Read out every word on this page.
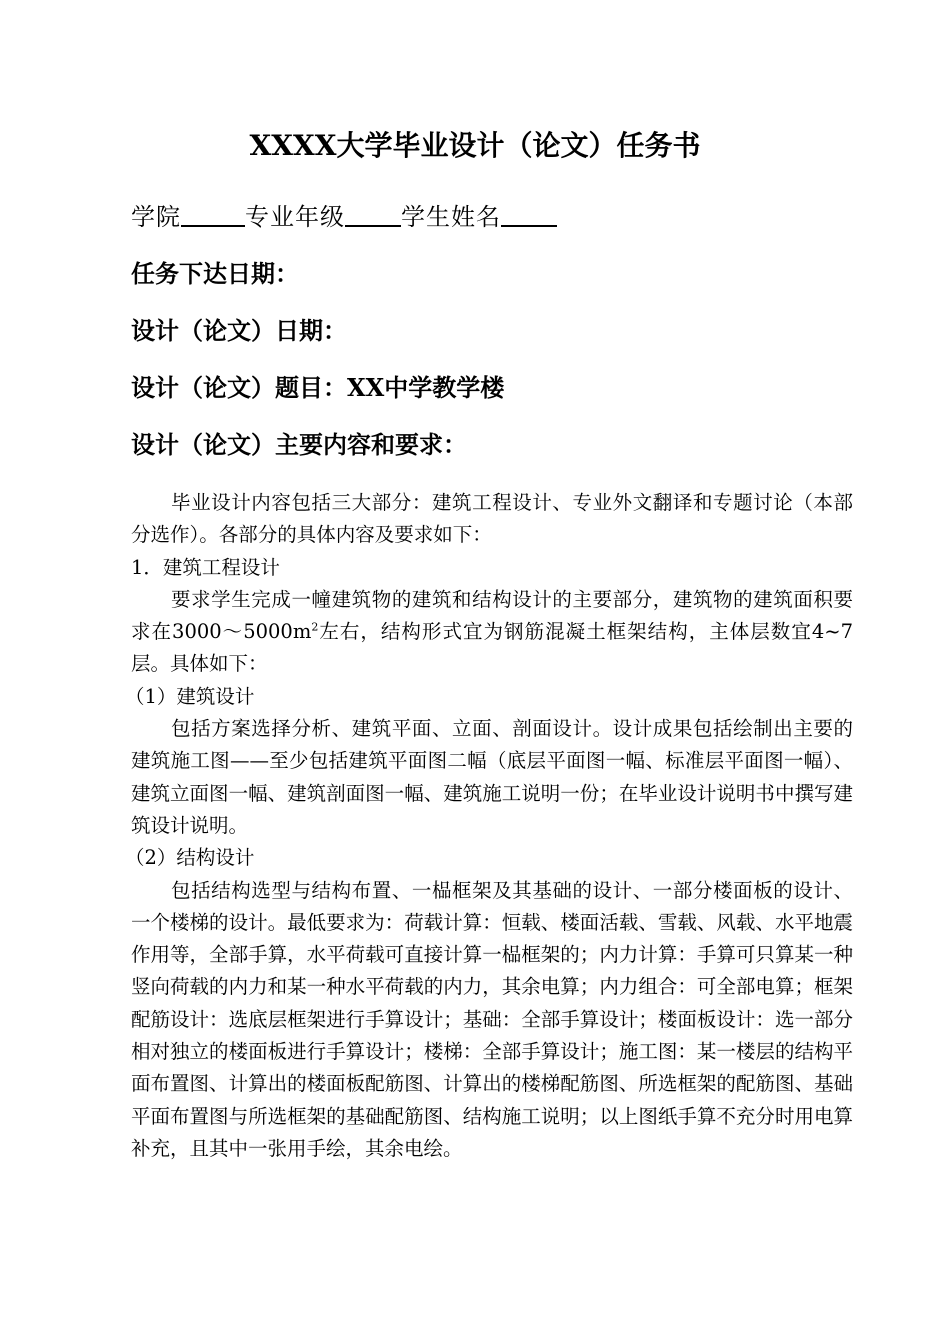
XXXX大学毕业设计（论文）任务书
学院	专业年级 学生姓名
任务下达日期：
设计（论文）日期：
设计（论文）题目：XX中学教学楼
设计（论文）主要内容和要求：

毕业设计内容包括三大部分：建筑工程设计、专业外文翻译和专题讨论（本部分选作）。各部分的具体内容及要求如下：

1．建筑工程设计

要求学生完成一幢建筑物的建筑和结构设计的主要部分，建筑物的建筑面积要求在$3000\sim 5000m^2$左右，结构形式宜为钢筋混凝土框架结构，主体层数宜4~7层。具体如下：

（1）建筑设计

包括方案选择分析、建筑平面、立面、剖面设计。设计成果包括绘制出主要的建筑施工图——至少包括建筑平面图二幅（底层平面图一幅、标准层平面图一幅）、建筑立面图一幅、建筑剖面图一幅、建筑施工说明一份；在毕业设计说明书中撰写建筑设计说明。

（2）结构设计

包括结构选型与结构布置、一榀框架及其基础的设计、一部分楼面板的设计、一个楼梯的设计。最低要求为：荷载计算：恒载、楼面活载、雪载、风载、水平地震作用等，全部手算，水平荷载可直接计算一榀框架的；内力计算：手算可只算某一种竖向荷载的内力和某一种水平荷载的内力，其余电算；内力组合：可全部电算；框架配筋设计：选底层框架进行手算设计；基础：全部手算设计；楼面板设计：选一部分相对独立的楼面板进行手算设计；楼梯：全部手算设计；施工图：某一楼层的结构平面布置图、计算出的楼面板配筋图、计算出的楼梯配筋图、所选框架的配筋图、基础平面布置图与所选框架的基础配筋图、结构施工说明；以上图纸手算不充分时用电算补充，且其中一张用手绘，其余电绘。
